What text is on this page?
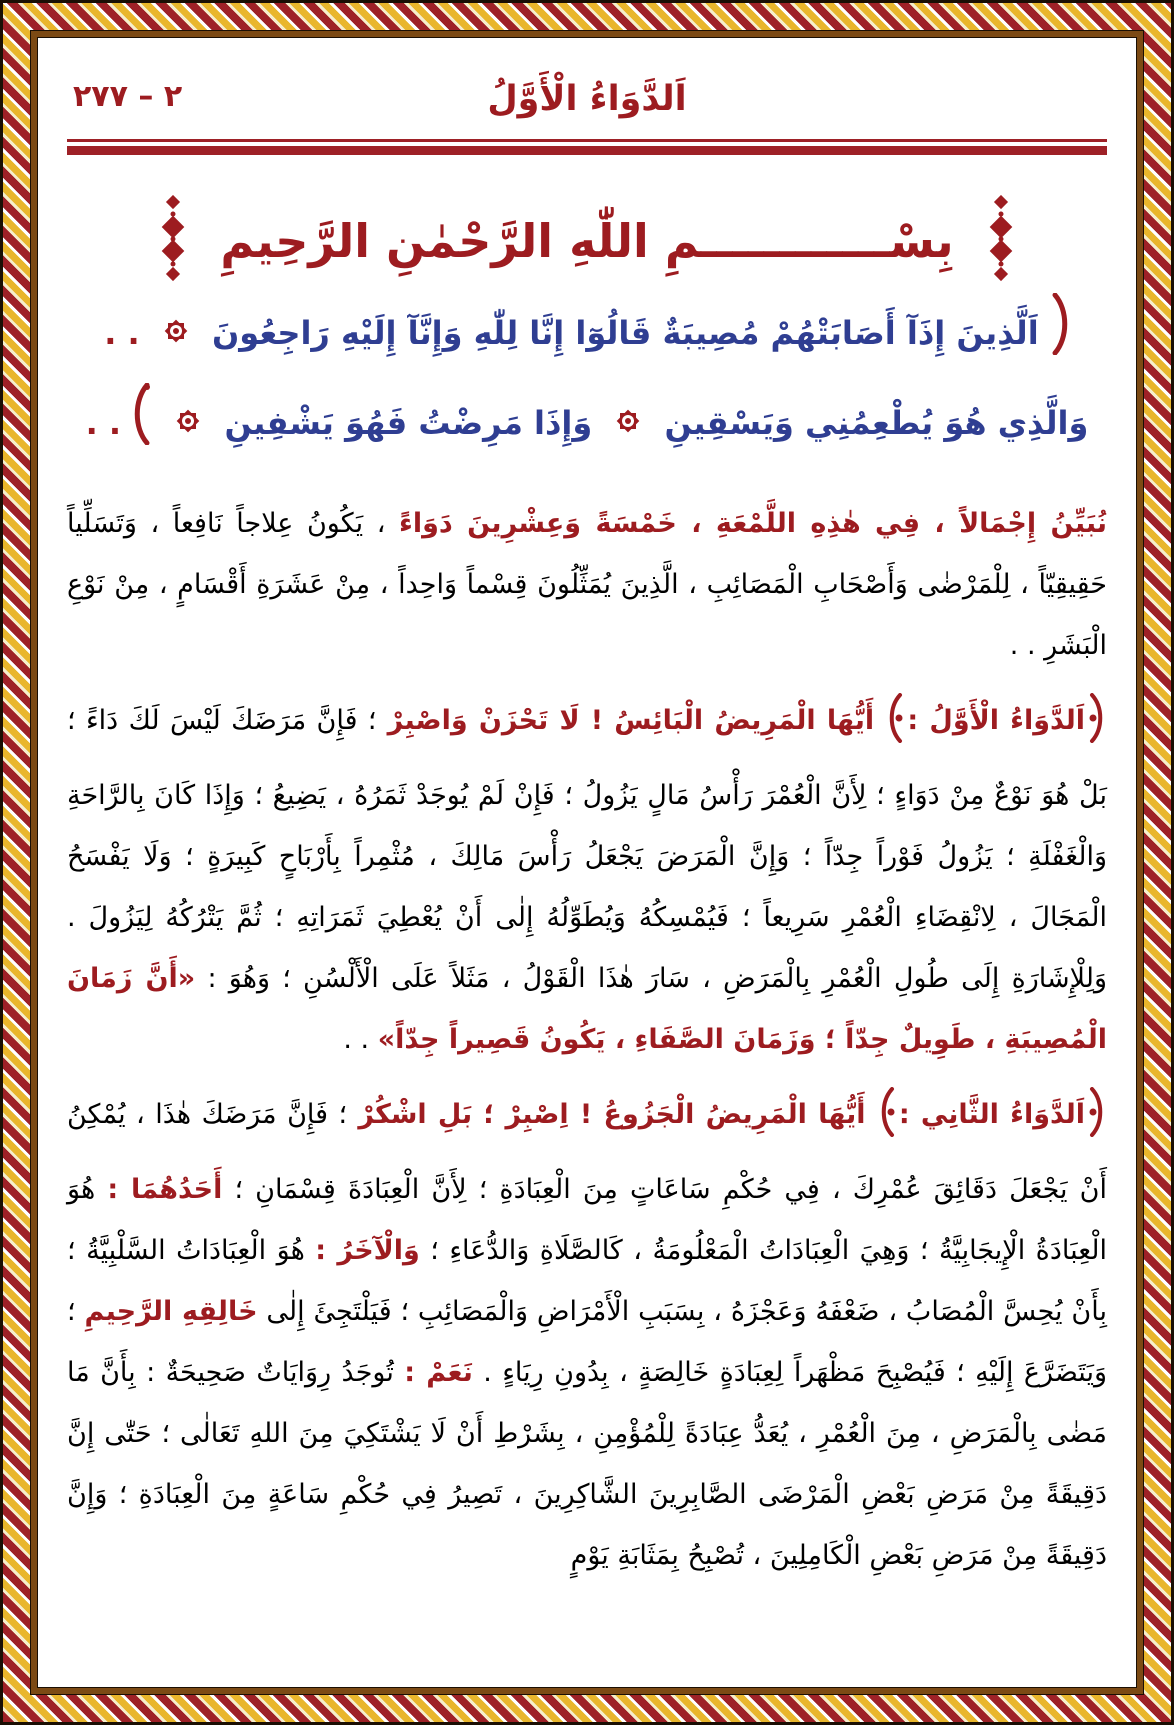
٢ – ٢٧٧	اَلدَّوَاءُ الْأَوَّلُ
بِسْــــــــــــمِ اللّٰهِ الرَّحْمٰنِ الرَّحِيمِ
اَلَّذِينَ إِذَآ أَصَابَتْهُمْ مُصِيبَةٌ قَالُوٓا إِنَّا لِلّٰهِ وَإِنَّآ إِلَيْهِ رَاجِعُونَ  . .
وَالَّذِي هُوَ يُطْعِمُنِي وَيَسْقِينِ  وَإِذَا مَرِضْتُ فَهُوَ يَشْفِينِ   . .

نُبَيِّنُ إِجْمَالاً ، فِي هٰذِهِ اللَّمْعَةِ ، خَمْسَةً وَعِشْرِينَ دَوَاءً ، يَكُونُ عِلاجاً نَافِعاً ، وَتَسَلِّياً حَقِيقِيّاً ، لِلْمَرْضٰى وَأَصْحَابِ الْمَصَائِبِ ، الَّذِينَ يُمَثِّلُونَ قِسْماً وَاحِداً ، مِنْ عَشَرَةِ أَقْسَامٍ ، مِنْ نَوْعِ الْبَشَرِ . .

اَلدَّوَاءُ الْأَوَّلُ : أَيُّهَا الْمَرِيضُ الْبَائِسُ ! لَا تَحْزَنْ وَاصْبِرْ ؛ فَإِنَّ مَرَضَكَ لَيْسَ لَكَ دَاءً ؛ بَلْ هُوَ نَوْعٌ مِنْ دَوَاءٍ ؛ لِأَنَّ الْعُمْرَ رَأْسُ مَالٍ يَزُولُ ؛ فَإِنْ لَمْ يُوجَدْ ثَمَرُهُ ، يَضِيعُ ؛ وَإِذَا كَانَ بِالرَّاحَةِ وَالْغَفْلَةِ ؛ يَزُولُ فَوْراً جِدّاً ؛ وَإِنَّ الْمَرَضَ يَجْعَلُ رَأْسَ مَالِكَ ، مُثْمِراً بِأَرْبَاحٍ كَبِيرَةٍ ؛ وَلَا يَفْسَحُ الْمَجَالَ ، لِانْقِضَاءِ الْعُمْرِ سَرِيعاً ؛ فَيُمْسِكُهُ وَيُطَوِّلُهُ إِلٰى أَنْ يُعْطِيَ ثَمَرَاتِهِ ؛ ثُمَّ يَتْرُكُهُ لِيَزُولَ . وَلِلْإِشَارَةِ إِلَى طُولِ الْعُمْرِ بِالْمَرَضِ ، سَارَ هٰذَا الْقَوْلُ ، مَثَلاً عَلَى الْأَلْسُنِ ؛ وَهُوَ : «أَنَّ زَمَانَ الْمُصِيبَةِ ، طَوِيلٌ جِدّاً ؛ وَزَمَانَ الصَّفَاءِ ، يَكُونُ قَصِيراً جِدّاً» . .

اَلدَّوَاءُ الثَّانِي : أَيُّهَا الْمَرِيضُ الْجَزُوعُ ! اِصْبِرْ ؛ بَلِ اشْكُرْ ؛ فَإِنَّ مَرَضَكَ هٰذَا ، يُمْكِنُ أَنْ يَجْعَلَ دَقَائِقَ عُمْرِكَ ، فِي حُكْمِ سَاعَاتٍ مِنَ الْعِبَادَةِ ؛ لِأَنَّ الْعِبَادَةَ قِسْمَانِ ؛ أَحَدُهُمَا : هُوَ الْعِبَادَةُ الْإِيجَابِيَّةُ ؛ وَهِيَ الْعِبَادَاتُ الْمَعْلُومَةُ ، كَالصَّلَاةِ وَالدُّعَاءِ ؛ وَالْآخَرُ : هُوَ الْعِبَادَاتُ السَّلْبِيَّةُ ؛ بِأَنْ يُحِسَّ الْمُصَابُ ، ضَعْفَهُ وَعَجْزَهُ ، بِسَبَبِ الْأَمْرَاضِ وَالْمَصَائِبِ ؛ فَيَلْتَجِئَ إِلٰى خَالِقِهِ الرَّحِيمِ ؛ وَيَتَضَرَّعَ إِلَيْهِ ؛ فَيُصْبِحَ مَظْهَراً لِعِبَادَةٍ خَالِصَةٍ ، بِدُونِ رِيَاءٍ . نَعَمْ : تُوجَدُ رِوَايَاتٌ صَحِيحَةٌ : بِأَنَّ مَا مَضٰى بِالْمَرَضِ ، مِنَ الْعُمْرِ ، يُعَدُّ عِبَادَةً لِلْمُؤْمِنِ ، بِشَرْطِ أَنْ لَا يَشْتَكِيَ مِنَ اللهِ تَعَالٰى ؛ حَتّٰى إِنَّ دَقِيقَةً مِنْ مَرَضِ بَعْضِ الْمَرْضَى الصَّابِرِينَ الشَّاكِرِينَ ، تَصِيرُ فِي حُكْمِ سَاعَةٍ مِنَ الْعِبَادَةِ ؛ وَإِنَّ دَقِيقَةً مِنْ مَرَضِ بَعْضِ الْكَامِلِينَ ، تُصْبِحُ بِمَثَابَةِ يَوْمٍ
